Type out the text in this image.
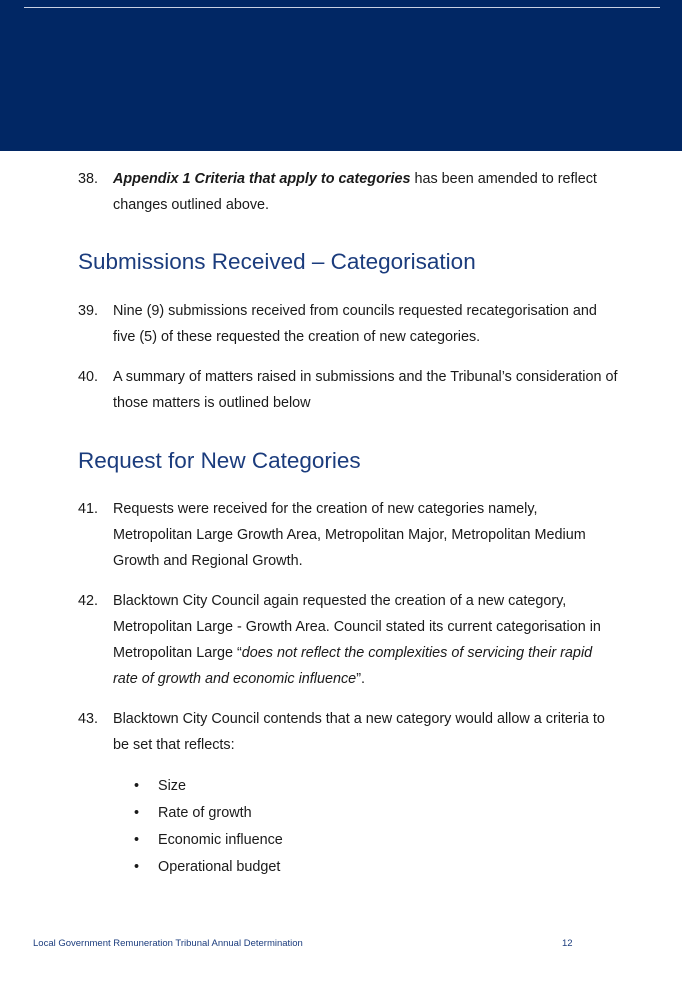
38.	Appendix 1 Criteria that apply to categories has been amended to reflect changes outlined above.
Submissions Received – Categorisation
39.	Nine (9) submissions received from councils requested recategorisation and five (5) of these requested the creation of new categories.
40.	A summary of matters raised in submissions and the Tribunal’s consideration of those matters is outlined below
Request for New Categories
41.	Requests were received for the creation of new categories namely, Metropolitan Large Growth Area, Metropolitan Major, Metropolitan Medium Growth and Regional Growth.
42.	Blacktown City Council again requested the creation of a new category, Metropolitan Large - Growth Area. Council stated its current categorisation in Metropolitan Large “does not reflect the complexities of servicing their rapid rate of growth and economic influence”.
43.	Blacktown City Council contends that a new category would allow a criteria to be set that reflects:
• Size
• Rate of growth
• Economic influence
• Operational budget
Local Government Remuneration Tribunal Annual Determination	12
